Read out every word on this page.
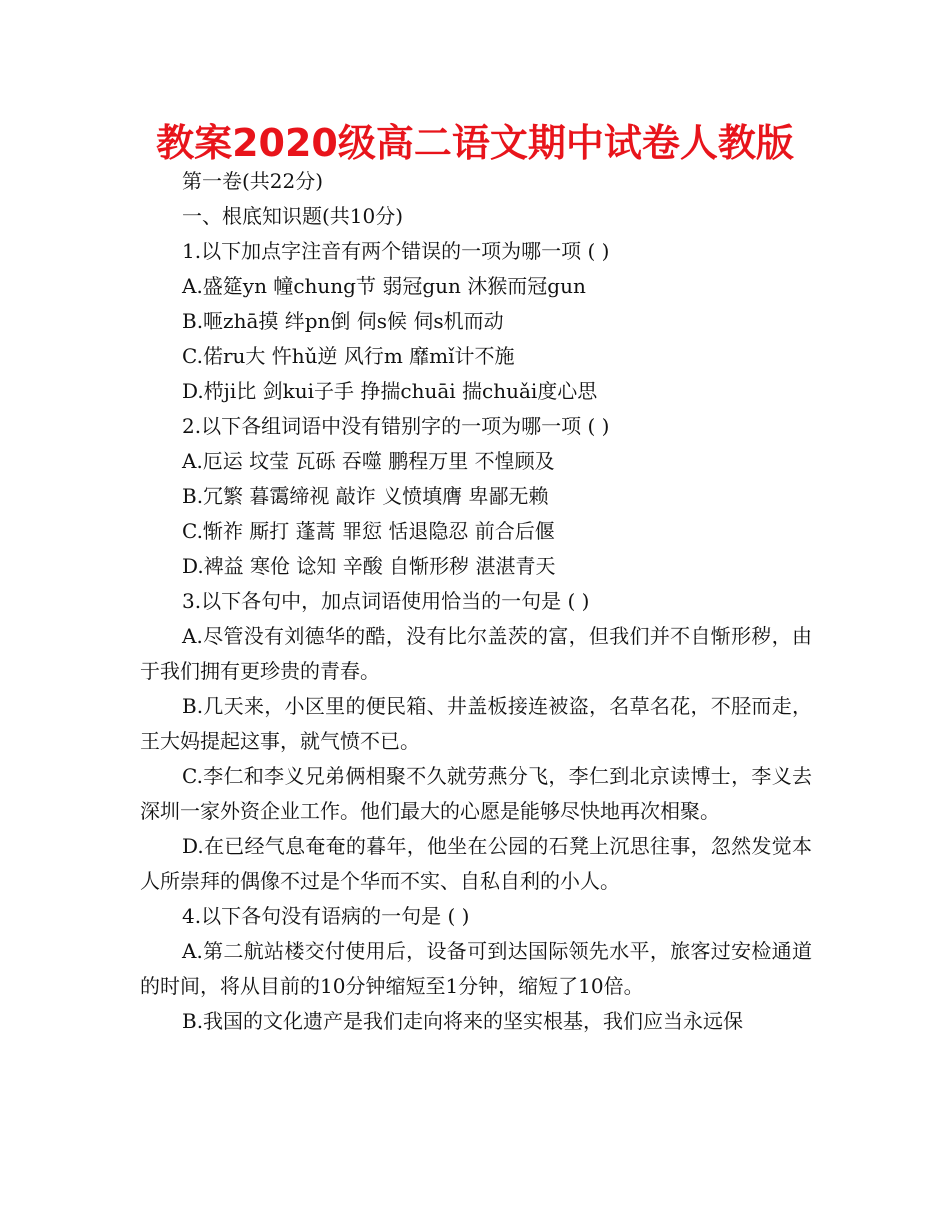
教案2020级高二语文期中试卷人教版
第一卷(共22分)
一、根底知识题(共10分)
1.以下加点字注音有两个错误的一项为哪一项 ( )
A.盛筵yn 幢chung节 弱冠gun 沐猴而冠gun
B.咂zhā摸 绊pn倒 伺s候 伺s机而动
C.偌ru大 忤hǔ逆 风行m 靡mǐ计不施
D.栉ji比 剑kui子手 挣揣chuāi 揣chuǎi度心思
2.以下各组词语中没有错别字的一项为哪一项 ( )
A.厄运 坟莹 瓦砾 吞噬 鹏程万里 不惶顾及
B.冗繁 暮霭缔视 敲诈 义愤填膺 卑鄙无赖
C.惭祚 厮打 蓬蒿 罪愆 恬退隐忍 前合后偃
D.裨益 寒伧 谂知 辛酸 自惭形秽 湛湛青天
3.以下各句中，加点词语使用恰当的一句是 ( )

A.尽管没有刘德华的酷，没有比尔盖茨的富，但我们并不自惭形秽，由于我们拥有更珍贵的青春。

B.几天来，小区里的便民箱、井盖板接连被盗，名草名花，不胫而走，王大妈提起这事，就气愤不已。

C.李仁和李义兄弟俩相聚不久就劳燕分飞，李仁到北京读博士，李义去深圳一家外资企业工作。他们最大的心愿是能够尽快地再次相聚。

D.在已经气息奄奄的暮年，他坐在公园的石凳上沉思往事，忽然发觉本人所崇拜的偶像不过是个华而不实、自私自利的小人。

4.以下各句没有语病的一句是 ( )

A.第二航站楼交付使用后，设备可到达国际领先水平，旅客过安检通道的时间，将从目前的10分钟缩短至1分钟，缩短了10倍。

B.我国的文化遗产是我们走向将来的坚实根基，我们应当永远保
